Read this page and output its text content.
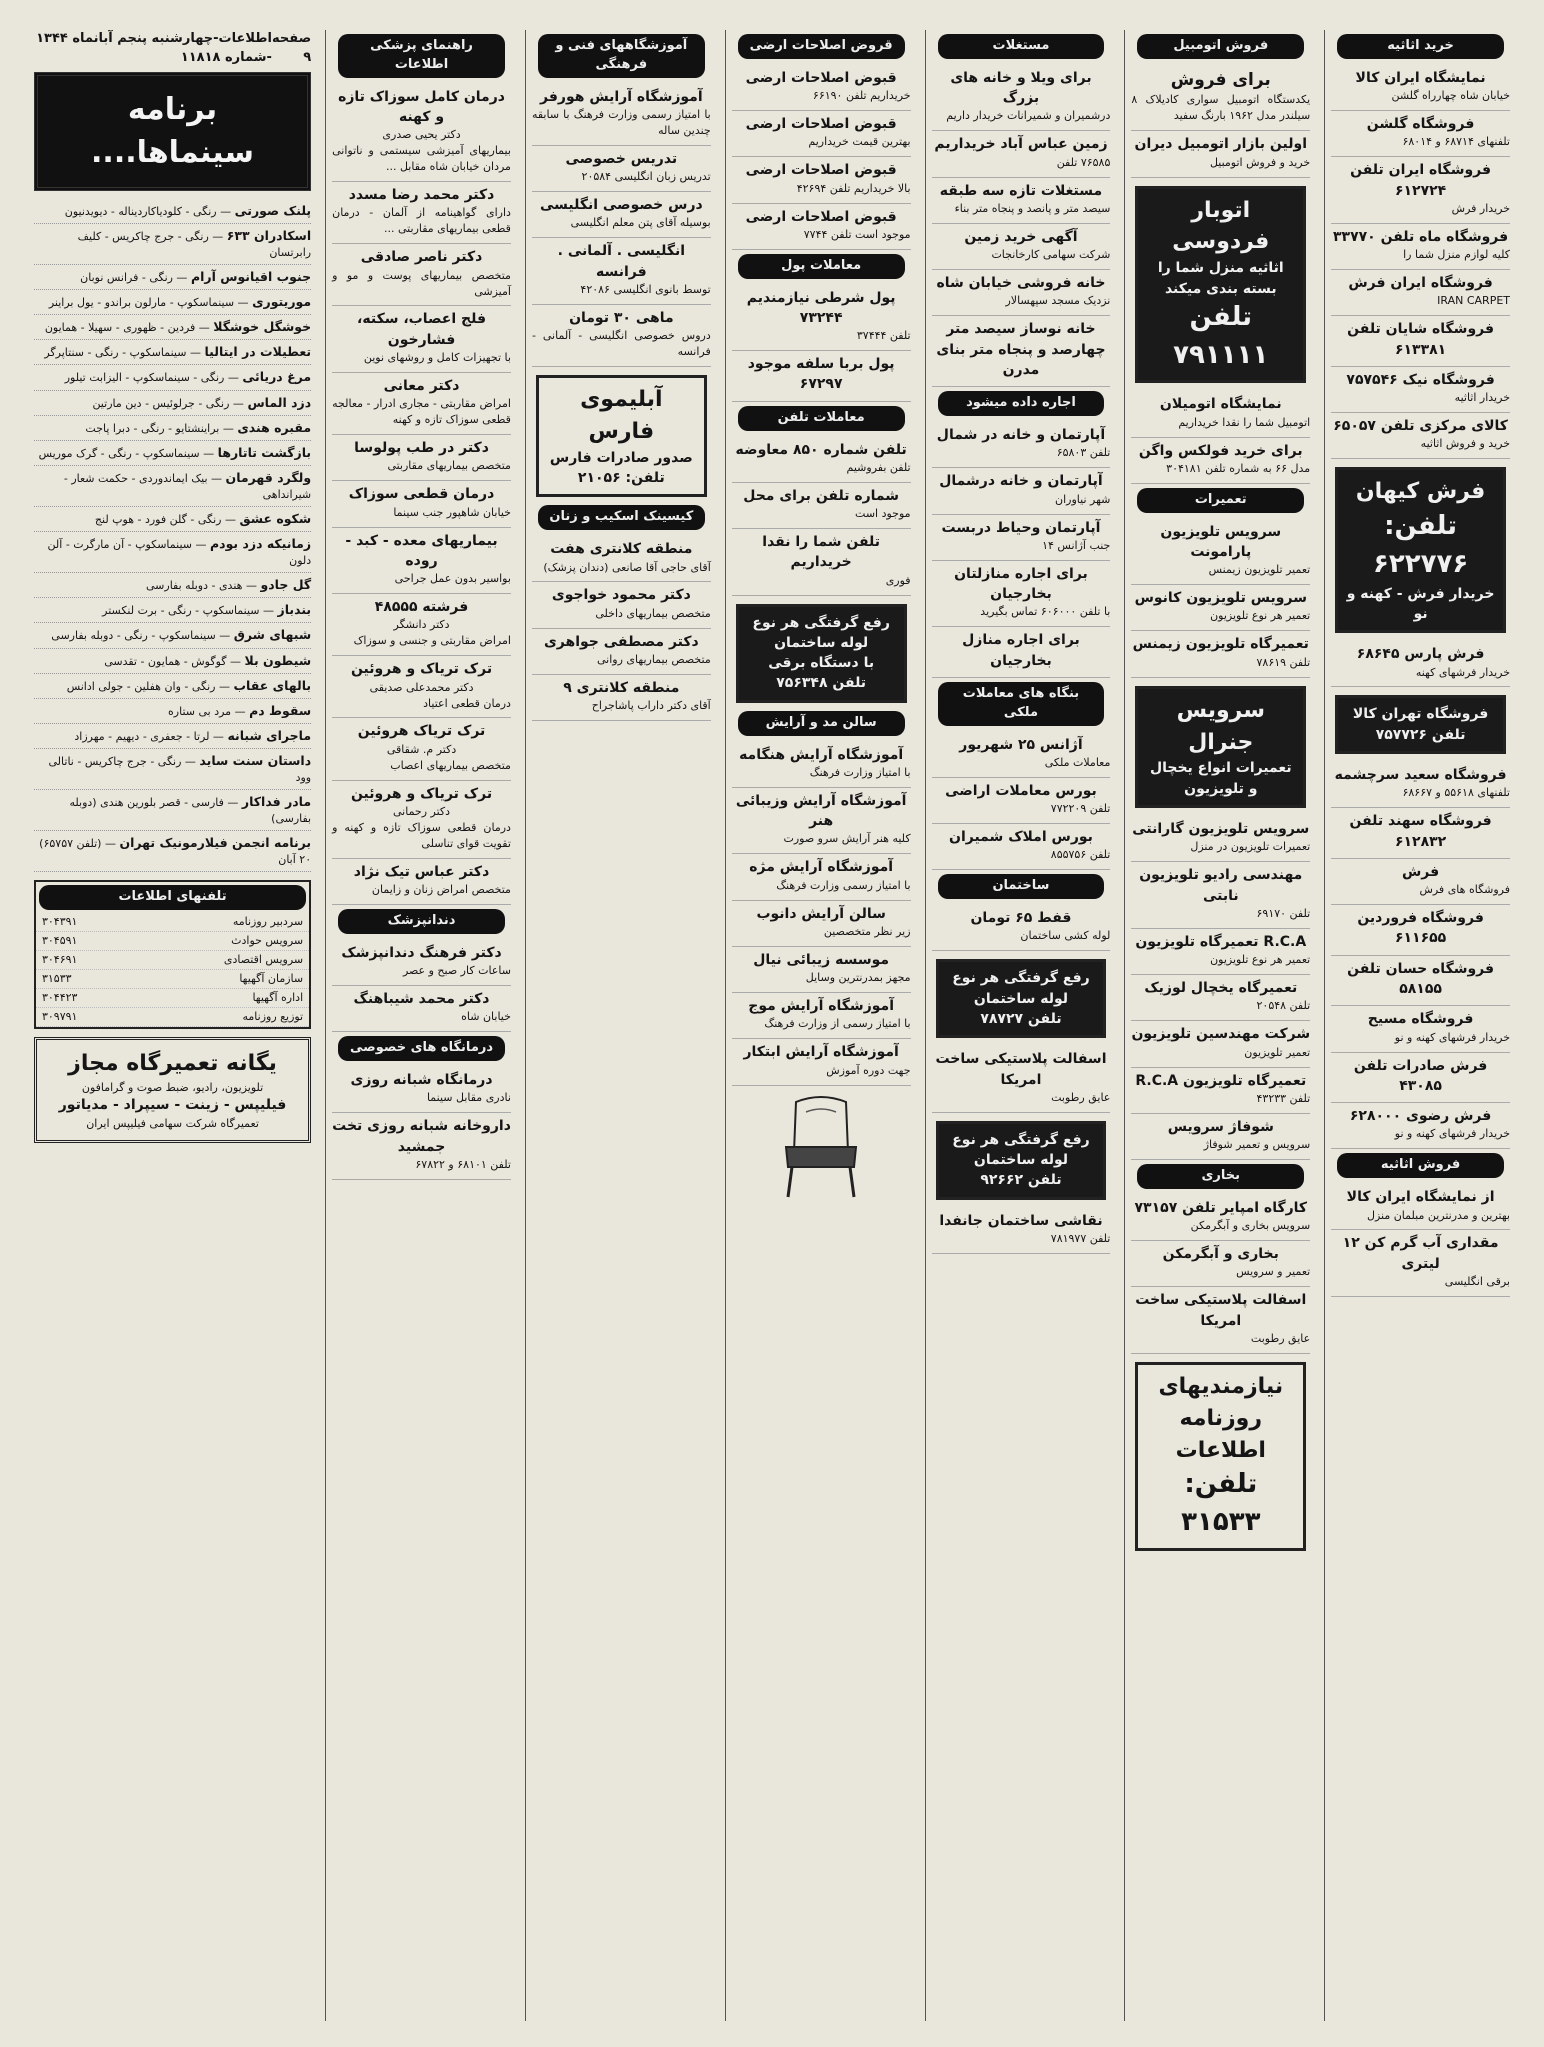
خرید اثاثیه
نمایشگاه ایران کالا
خیابان شاه چهارراه گلشن
فروشگاه گلشن
تلفنهای ۶۸۷۱۴ و ۶۸۰۱۴
فروشگاه ایران تلفن ۶۱۲۷۲۴
خریدار فرش
فروشگاه ماه تلفن ۳۳۷۷۰
کلیه لوازم منزل شما را
فروشگاه ایران فرش
IRAN CARPET
فروشگاه شایان تلفن ۶۱۳۳۸۱
فروشگاه نیک ۷۵۷۵۴۶
خریدار اثاثیه
کالای مرکزی تلفن ۶۵۰۵۷
خرید و فروش اثاثیه
فرش کیهان
تلفن: ۶۲۲۷۷۶
خریدار فرش - کهنه و نو
فرش پارس ۶۸۶۴۵
خریدار فرشهای کهنه
فروشگاه تهران کالا
تلفن ۷۵۷۷۲۶
فروشگاه سعید سرچشمه
تلفنهای ۵۵۶۱۸ و ۶۸۶۶۷
فروشگاه سهند تلفن ۶۱۲۸۳۲
فرش
فروشگاه های فرش
فروشگاه فروردین ۶۱۱۶۵۵
فروشگاه حسان تلفن ۵۸۱۵۵
فروشگاه مسیح
خریدار فرشهای کهنه و نو
فرش صادرات تلفن ۴۳۰۸۵
فرش رضوی ۶۲۸۰۰۰
خریدار فرشهای کهنه و نو
فروش اثاثیه
از نمایشگاه ایران کالا
بهترین و مدرنترین مبلمان منزل
مقداری آب گرم کن ۱۲ لیتری
برقی انگلیسی
فروش اتومبیل
برای فروش
یکدستگاه اتومبیل سواری کادیلاک ۸ سیلندر مدل ۱۹۶۲ بارنگ سفید
اولین بازار اتومبیل دیران
خرید و فروش اتومبیل
اتوبار فردوسی
اثاثیه منزل شما را بسته بندی میکند
تلفن ۷۹۱۱۱۱
نمایشگاه اتومیلان
اتومبیل شما را نقدا خریداریم
برای خرید فولکس واگن
مدل ۶۶ به شماره تلفن ۳۰۴۱۸۱
تعمیرات
سرویس تلویزیون پارامونت
تعمیر تلویزیون زیمنس
سرویس تلویزیون کانوس
تعمیر هر نوع تلویزیون
تعمیرگاه تلویزیون زیمنس
تلفن ۷۸۶۱۹
سرویس جنرال
تعمیرات انواع یخچال و تلویزیون
سرویس تلویزیون گارانتی
تعمیرات تلویزیون در منزل
مهندسی رادیو تلویزیون نابتی
تلفن ۶۹۱۷۰
R.C.A تعمیرگاه تلویزیون
تعمیر هر نوع تلویزیون
تعمیرگاه یخچال لوزیک
تلفن ۲۰۵۴۸
شرکت مهندسین تلویزیون
تعمیر تلویزیون
تعمیرگاه تلویزیون R.C.A
تلفن ۴۳۲۳۳
شوفاژ سرویس
سرویس و تعمیر شوفاژ
بخاری
کارگاه امپایر تلفن ۷۳۱۵۷
سرویس بخاری و آبگرمکن
بخاری و آبگرمکن
تعمیر و سرویس
اسفالت پلاستیکی ساخت امریکا
عایق رطوبت
نیازمندیهای روزنامه اطلاعات
تلفن: ۳۱۵۳۳
مستغلات
برای ویلا و خانه های بزرگ
درشمیران و شمیرانات خریدار داریم
زمین عباس آباد خریداریم
۷۶۵۸۵ تلفن
مستغلات تازه سه طبقه
سیصد متر و پانصد و پنجاه متر بناء
آگهی خرید زمین
شرکت سهامی کارخانجات
خانه فروشی خیابان شاه
نزدیک مسجد سپهسالار
خانه نوساز سیصد متر چهارصد و پنجاه متر بنای مدرن
اجاره داده میشود
آپارتمان و خانه در شمال
تلفن ۶۵۸۰۳
آپارتمان و خانه درشمال
شهر نیاوران
آپارتمان وحیاط دربست
جنب آژانس ۱۴
برای اجاره منازلتان بخارجیان
با تلفن ۶۰۶۰۰۰ تماس بگیرید
برای اجاره منازل بخارجیان
بنگاه های معاملات ملکی
آژانس ۲۵ شهریور
معاملات ملکی
بورس معاملات اراضی
تلفن ۷۷۲۲۰۹
بورس املاک شمیران
تلفن ۸۵۵۷۵۶
ساختمان
قفط ۶۵ تومان
لوله کشی ساختمان
رفع گرفتگی هر نوع لوله ساختمان
تلفن ۷۸۷۲۷
اسفالت پلاستیکی ساخت امریکا
عایق رطوبت
رفع گرفتگی هر نوع لوله ساختمان
تلفن ۹۲۶۶۲
نقاشی ساختمان جانفدا
تلفن ۷۸۱۹۷۷
قروض اصلاحات ارضی
قبوض اصلاحات ارضی
خریداریم تلفن ۶۶۱۹۰
قبوض اصلاحات ارضی
بهترین قیمت خریداریم
قبوض اصلاحات ارضی
بالا خریداریم تلفن ۴۲۶۹۴
قبوض اصلاحات ارضی
موجود است تلفن ۷۷۴۴
معاملات پول
پول شرطی نیازمندیم ۷۳۲۴۴
تلفن ۳۷۴۴۴
پول بربا سلفه موجود ۶۷۲۹۷
معاملات تلفن
تلفن شماره ۸۵۰ معاوضه
تلفن بفروشیم
شماره تلفن برای محل
موجود است
تلفن شما را نقدا خریداریم
فوری
رفع گرفتگی هر نوع لوله ساختمان
با دستگاه برقی
تلفن ۷۵۶۳۴۸
سالن مد و آرایش
آموزشگاه آرایش هنگامه
با امتیاز وزارت فرهنگ
آموزشگاه آرایش وزیبائی هنر
کلیه هنر آرایش سرو صورت
آموزشگاه آرایش مژه
با امتیاز رسمی وزارت فرهنگ
سالن آرایش دانوب
زیر نظر متخصصین
موسسه زیبائی نیال
مجهز بمدرنترین وسایل
آموزشگاه آرایش موج
با امتیاز رسمی از وزارت فرهنگ
آموزشگاه آرایش ابتکار
جهت دوره آموزش
آموزشگاههای فنی و فرهنگی
آموزشگاه آرایش هورفر
با امتیاز رسمی وزارت فرهنگ با سابقه چندین ساله
تدریس خصوصی
تدریس زبان انگلیسی ۲۰۵۸۴
درس خصوصی انگلیسی
بوسیله آقای پتن معلم انگلیسی
انگلیسی . آلمانی . فرانسه
توسط بانوی انگلیسی ۴۲۰۸۶
ماهی ۳۰ تومان
دروس خصوصی انگلیسی - آلمانی - فرانسه
آبلیموی فارس
صدور صادرات فارس
تلفن: ۲۱۰۵۶
کیسینک اسکیب و زنان
منطقه کلانتری هفت
آقای حاجی آقا صانعی (دندان پزشک)
دکتر محمود خواجوی
متخصص بیماریهای داخلی
دکتر مصطفی جواهری
متخصص بیماریهای روانی
منطقه کلانتری ۹
آقای دکتر داراب پاشاجراح
راهنمای پزشکی اطلاعات
درمان کامل سوزاک تازه و کهنه
دکتر یحیی صدری
بیماریهای آمیزشی سیستمی و ناتوانی مردان خیابان شاه مقابل ...
دکتر محمد رضا مسدد
دارای گواهینامه از آلمان - درمان قطعی بیماریهای مقاربتی ...
دکتر ناصر صادقی
متخصص بیماریهای پوست و مو و آمیزشی
فلج اعصاب، سکته، فشارخون
با تجهیزات کامل و روشهای نوین
دکتر معانی
امراض مقاربتی - مجاری ادرار - معالجه قطعی سوزاک تازه و کهنه
دکتر در طب پولوسا
متخصص بیماریهای مقاربتی
درمان قطعی سوزاک
خیابان شاهپور جنب سینما
بیماریهای معده - کبد - روده
بواسیر بدون عمل جراحی
فرشته ۴۸۵۵۵
دکتر دانشگر
امراض مقاربتی و جنسی و سوزاک
ترک تریاک و هروئین
دکتر محمدعلی صدیقی
درمان قطعی اعتیاد
ترک تریاک هروئین
دکتر م. شقاقی
متخصص بیماریهای اعصاب
ترک تریاک و هروئین
دکتر رحمانی
درمان قطعی سوزاک تازه و کهنه و تقویت قوای تناسلی
دکتر عباس تیک نژاد
متخصص امراض زنان و زایمان
دندانپزشک
دکتر فرهنگ دندانپزشک
ساعات کار صبح و عصر
دکتر محمد شیباهنگ
خیابان شاه
درمانگاه های خصوصی
درمانگاه شبانه روزی
نادری مقابل سینما
داروخانه شبانه روزی تخت جمشید
تلفن ۶۸۱۰۱ و ۶۷۸۲۲
صفحه ۹
اطلاعات-چهارشنبه پنجم آبانماه ۱۳۴۴ -شماره ۱۱۸۱۸
برنامه سینماها....
پلنک صورتی — رنگی - کلودیاکاردیناله - دیویدنیون
اسکادران ۶۳۳ — رنگی - جرج چاکریس - کلیف رابرتسان
جنوب اقیانوس آرام — رنگی - فرانس نوبان
موریتوری — سینماسکوپ - مارلون براندو - یول براینر
خوشگل خوشگلا — فردین - ظهوری - سهیلا - همایون
تعطیلات در ایتالیا — سینماسکوپ - رنگی - سنتاپرگر
مرغ دریائی — رنگی - سینماسکوپ - الیزابت تیلور
دزد الماس — رنگی - جرلوئیس - دین مارتین
مقبره هندی — براینشتایو - رنگی - دبرا پاجت
بازگشت تاتارها — سینماسکوپ - رنگی - گرک موریس
ولگرد قهرمان — بیک ایماندوردی - حکمت شعار - شیرانداهی
شکوه عشق — رنگی - گلن فورد - هوپ لنج
زمانیکه دزد بودم — سینماسکوپ - آن مارگرت - آلن دلون
گل جادو — هندی - دوبله بفارسی
بندباز — سینماسکوپ - رنگی - برت لنکستر
شبهای شرق — سینماسکوپ - رنگی - دوبله بفارسی
شیطون بلا — گوگوش - همایون - تقدسی
بالهای عقاب — رنگی - وان هفلین - جولی ادانس
سقوط دم — مرد بی ستاره
ماجرای شبانه — لرتا - جعفری - دیهیم - مهرزاد
داستان سنت ساید — رنگی - جرج چاکریس - ناتالی وود
مادر فداکار — فارسی - قصر بلورین هندی (دوبله بفارسی)
برنامه انجمن فیلارمونیک تهران — (تلفن ۶۵۷۵۷) ۲۰ آبان
تلفنهای اطلاعات
سردبیر روزنامه
۳۰۴۳۹۱
سرویس حوادث
۳۰۴۵۹۱
سرویس اقتصادی
۳۰۴۶۹۱
سازمان آگهیها
۳۱۵۳۳
اداره آگهیها
۳۰۴۴۲۳
توزیع روزنامه
۳۰۹۷۹۱
یگانه تعمیرگاه مجاز
تلویزیون، رادیو، ضبط صوت و گرامافون
فیلیپس - زینت - سیپراد - مدیاتور
تعمیرگاه شرکت سهامی فیلیپس ایران
